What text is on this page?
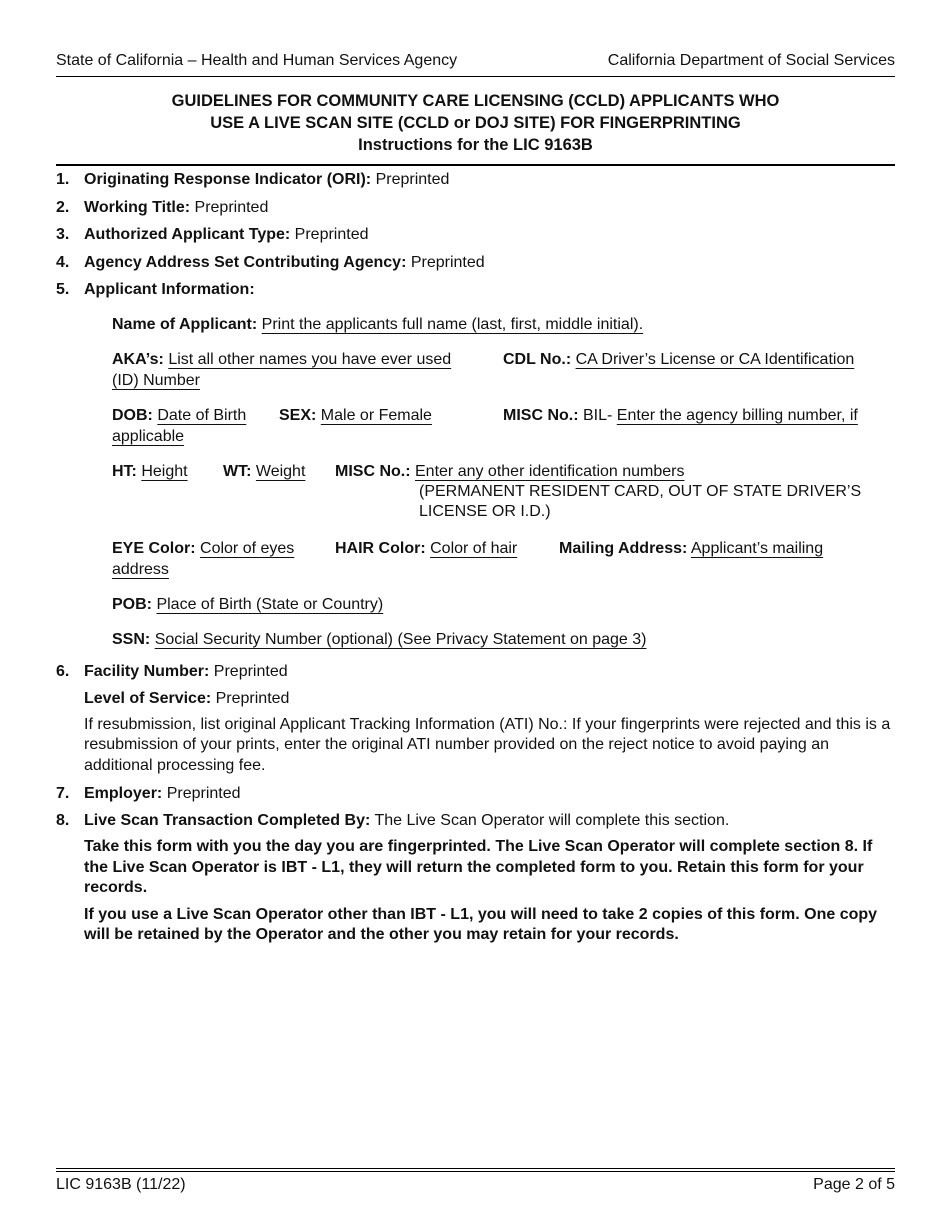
State of California – Health and Human Services Agency	California Department of Social Services
GUIDELINES FOR COMMUNITY CARE LICENSING (CCLD) APPLICANTS WHO
USE A LIVE SCAN SITE (CCLD or DOJ SITE) FOR FINGERPRINTING
Instructions for the LIC 9163B
1. Originating Response Indicator (ORI): Preprinted
2. Working Title: Preprinted
3. Authorized Applicant Type: Preprinted
4. Agency Address Set Contributing Agency: Preprinted
5. Applicant Information:
Name of Applicant: Print the applicants full name (last, first, middle initial).
AKA’s: List all other names you have ever used	CDL No.: CA Driver’s License or CA Identification
(ID) Number
DOB: Date of Birth SEX: Male or Female	MISC No.: BIL- Enter the agency billing number, if
applicable
HT: Height WT: Weight MISC No.: Enter any other identification numbers
(PERMANENT RESIDENT CARD, OUT OF STATE DRIVER’S
LICENSE OR I.D.)
EYE Color: Color of eyes	HAIR Color: Color of hair	Mailing Address: Applicant’s mailing
address
POB: Place of Birth (State or Country)
SSN: Social Security Number (optional) (See Privacy Statement on page 3)
6. Facility Number: Preprinted
Level of Service: Preprinted
If resubmission, list original Applicant Tracking Information (ATI) No.: If your fingerprints were rejected and this is a resubmission of your prints, enter the original ATI number provided on the reject notice to avoid paying an additional processing fee.
7. Employer: Preprinted
8. Live Scan Transaction Completed By: The Live Scan Operator will complete this section.
Take this form with you the day you are fingerprinted. The Live Scan Operator will complete section 8. If the Live Scan Operator is IBT - L1, they will return the completed form to you. Retain this form for your records.
If you use a Live Scan Operator other than IBT - L1, you will need to take 2 copies of this form. One copy will be retained by the Operator and the other you may retain for your records.
LIC 9163B (11/22)	Page 2 of 5
